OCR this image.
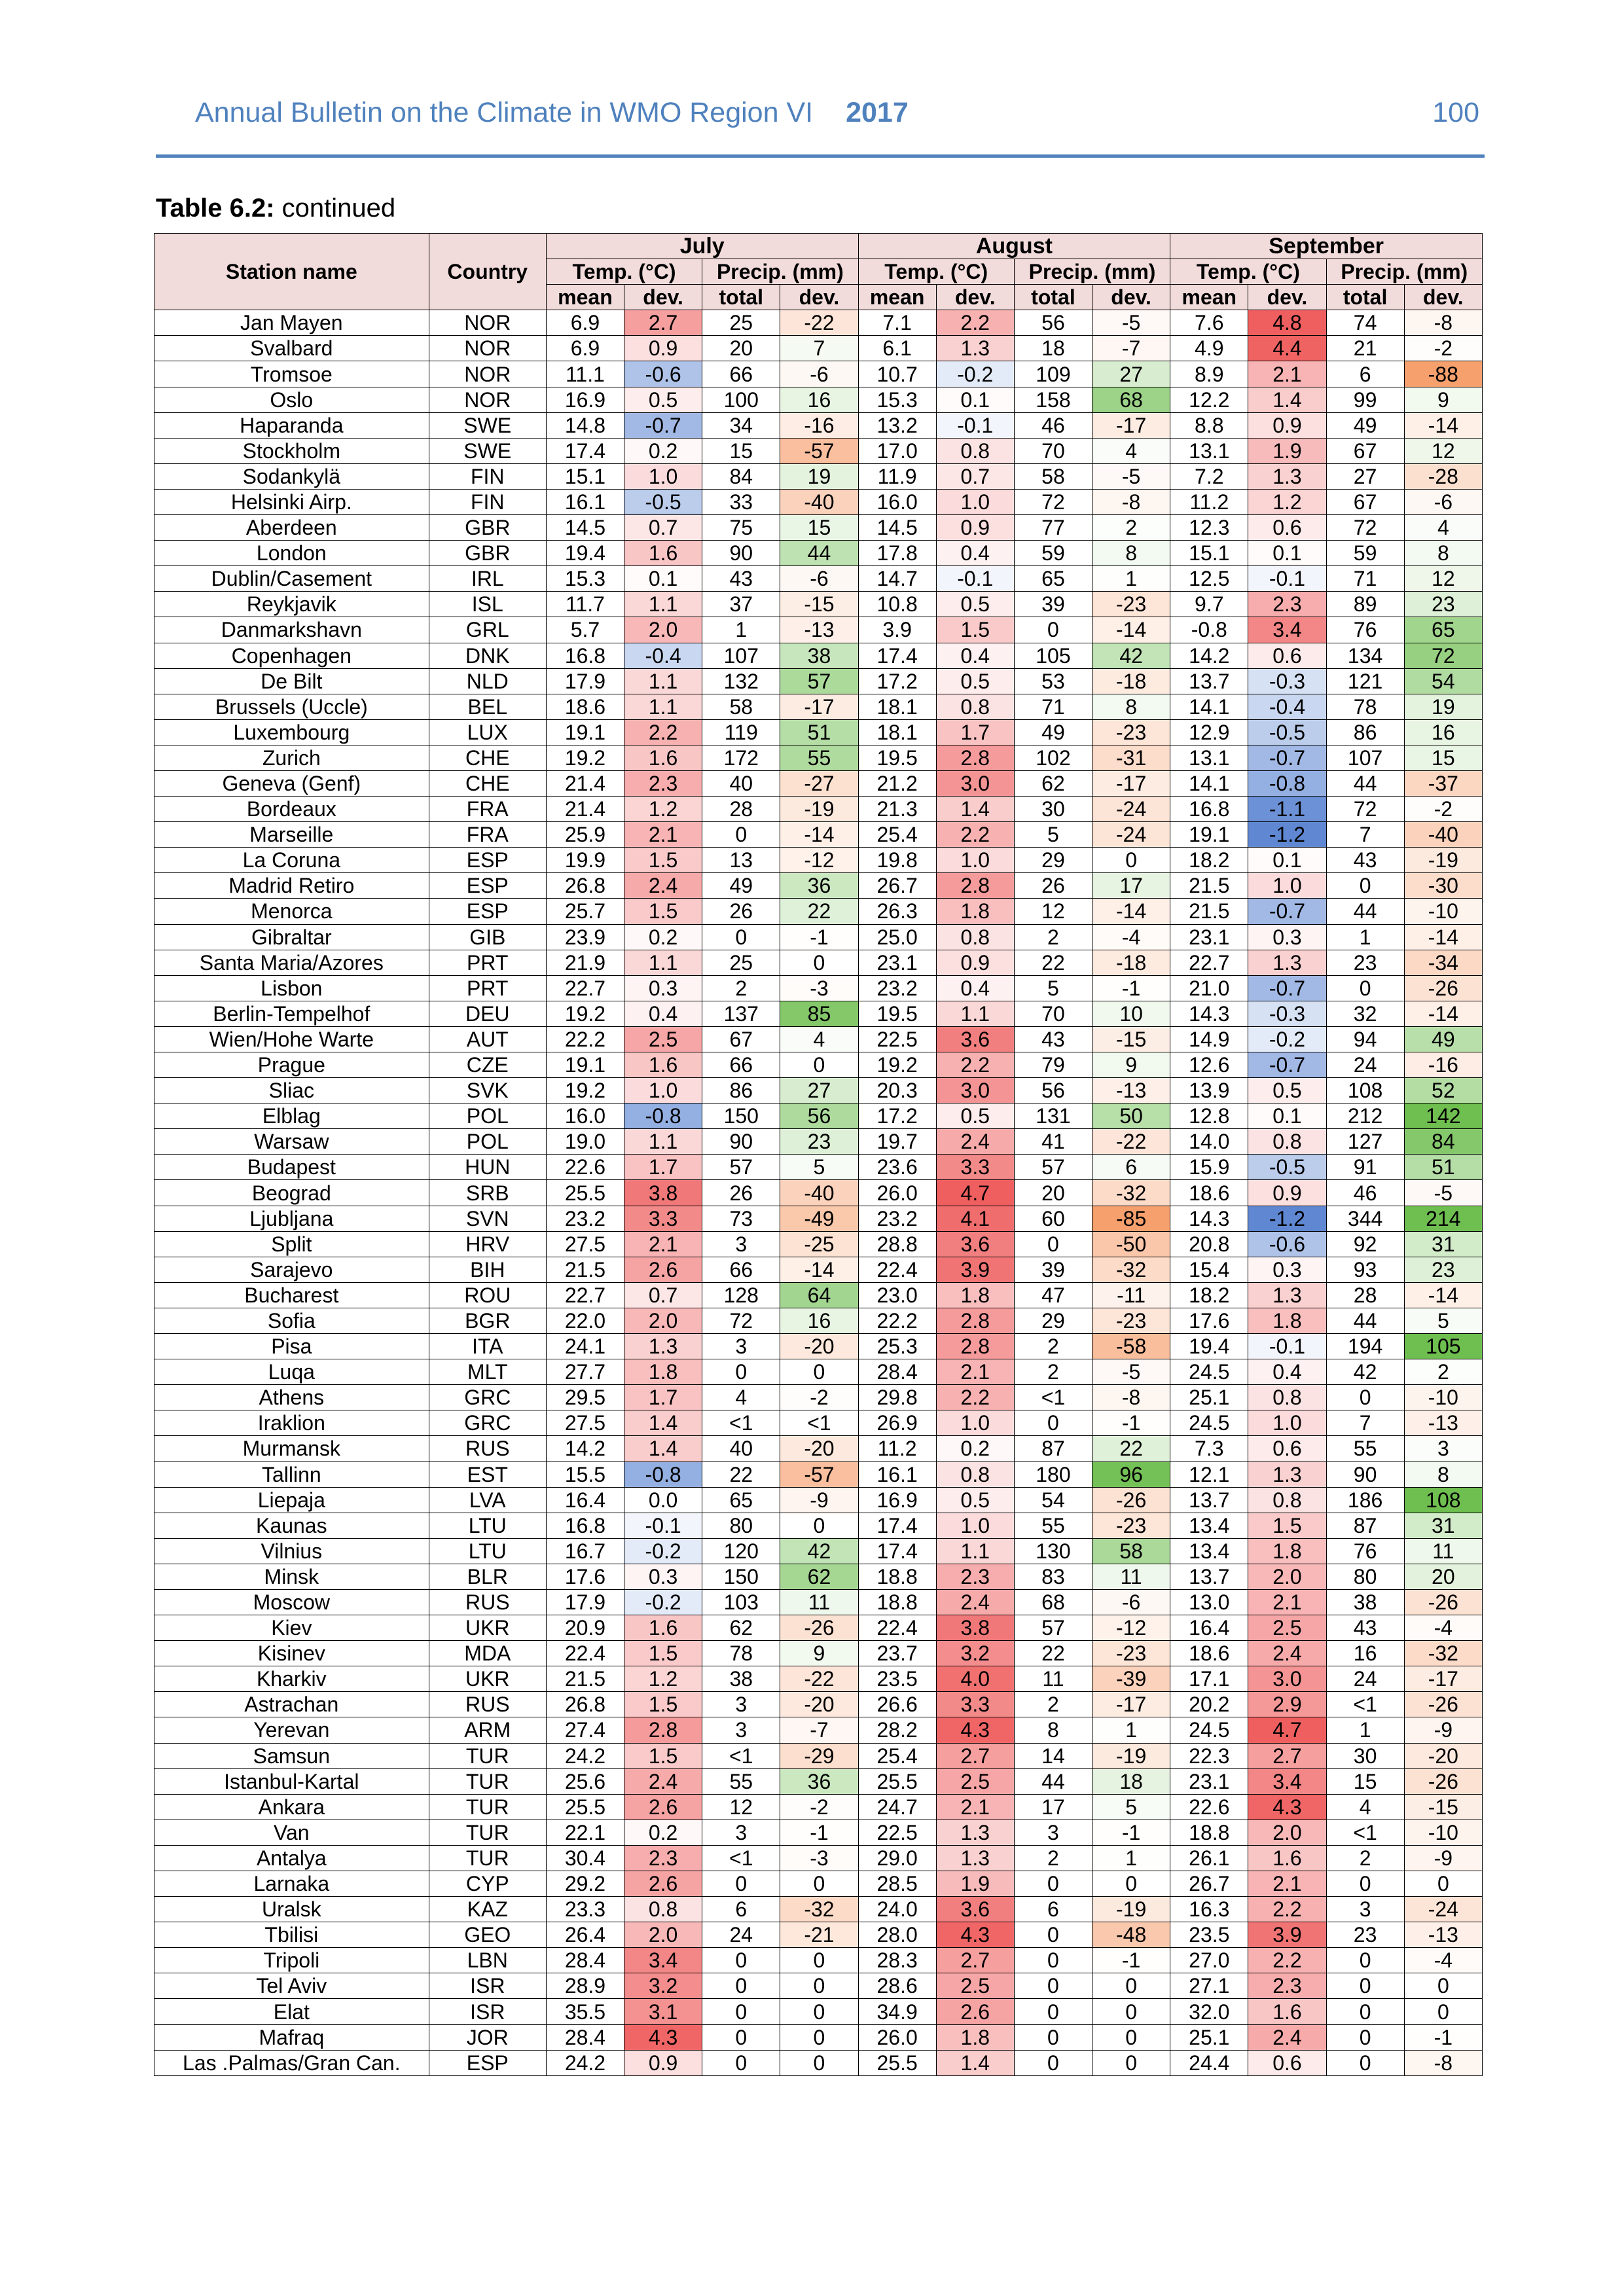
Annual Bulletin on the Climate in WMO Region VI 2017	100
Table 6.2: continued
Station name	Country	July				August				September			
		Temp. (°C)		Precip. (mm)		Temp. (°C)		Precip. (mm)		Temp. (°C)		Precip. (mm)	
		mean	dev.	total	dev.	mean	dev.	total	dev.	mean	dev.	total	dev.
Jan Mayen	NOR	6.9	2.7	25	-22	7.1	2.2	56	-5	7.6	4.8	74	-8
Svalbard	NOR	6.9	0.9	20	7	6.1	1.3	18	-7	4.9	4.4	21	-2
Tromsoe	NOR	11.1	-0.6	66	-6	10.7	-0.2	109	27	8.9	2.1	6	-88
Oslo	NOR	16.9	0.5	100	16	15.3	0.1	158	68	12.2	1.4	99	9
Haparanda	SWE	14.8	-0.7	34	-16	13.2	-0.1	46	-17	8.8	0.9	49	-14
Stockholm	SWE	17.4	0.2	15	-57	17.0	0.8	70	4	13.1	1.9	67	12
Sodankylä	FIN	15.1	1.0	84	19	11.9	0.7	58	-5	7.2	1.3	27	-28
Helsinki Airp.	FIN	16.1	-0.5	33	-40	16.0	1.0	72	-8	11.2	1.2	67	-6
Aberdeen	GBR	14.5	0.7	75	15	14.5	0.9	77	2	12.3	0.6	72	4
London	GBR	19.4	1.6	90	44	17.8	0.4	59	8	15.1	0.1	59	8
Dublin/Casement	IRL	15.3	0.1	43	-6	14.7	-0.1	65	1	12.5	-0.1	71	12
Reykjavik	ISL	11.7	1.1	37	-15	10.8	0.5	39	-23	9.7	2.3	89	23
Danmarkshavn	GRL	5.7	2.0	1	-13	3.9	1.5	0	-14	-0.8	3.4	76	65
Copenhagen	DNK	16.8	-0.4	107	38	17.4	0.4	105	42	14.2	0.6	134	72
De Bilt	NLD	17.9	1.1	132	57	17.2	0.5	53	-18	13.7	-0.3	121	54
Brussels (Uccle)	BEL	18.6	1.1	58	-17	18.1	0.8	71	8	14.1	-0.4	78	19
Luxembourg	LUX	19.1	2.2	119	51	18.1	1.7	49	-23	12.9	-0.5	86	16
Zurich	CHE	19.2	1.6	172	55	19.5	2.8	102	-31	13.1	-0.7	107	15
Geneva (Genf)	CHE	21.4	2.3	40	-27	21.2	3.0	62	-17	14.1	-0.8	44	-37
Bordeaux	FRA	21.4	1.2	28	-19	21.3	1.4	30	-24	16.8	-1.1	72	-2
Marseille	FRA	25.9	2.1	0	-14	25.4	2.2	5	-24	19.1	-1.2	7	-40
La Coruna	ESP	19.9	1.5	13	-12	19.8	1.0	29	0	18.2	0.1	43	-19
Madrid Retiro	ESP	26.8	2.4	49	36	26.7	2.8	26	17	21.5	1.0	0	-30
Menorca	ESP	25.7	1.5	26	22	26.3	1.8	12	-14	21.5	-0.7	44	-10
Gibraltar	GIB	23.9	0.2	0	-1	25.0	0.8	2	-4	23.1	0.3	1	-14
Santa Maria/Azores	PRT	21.9	1.1	25	0	23.1	0.9	22	-18	22.7	1.3	23	-34
Lisbon	PRT	22.7	0.3	2	-3	23.2	0.4	5	-1	21.0	-0.7	0	-26
Berlin-Tempelhof	DEU	19.2	0.4	137	85	19.5	1.1	70	10	14.3	-0.3	32	-14
Wien/Hohe Warte	AUT	22.2	2.5	67	4	22.5	3.6	43	-15	14.9	-0.2	94	49
Prague	CZE	19.1	1.6	66	0	19.2	2.2	79	9	12.6	-0.7	24	-16
Sliac	SVK	19.2	1.0	86	27	20.3	3.0	56	-13	13.9	0.5	108	52
Elblag	POL	16.0	-0.8	150	56	17.2	0.5	131	50	12.8	0.1	212	142
Warsaw	POL	19.0	1.1	90	23	19.7	2.4	41	-22	14.0	0.8	127	84
Budapest	HUN	22.6	1.7	57	5	23.6	3.3	57	6	15.9	-0.5	91	51
Beograd	SRB	25.5	3.8	26	-40	26.0	4.7	20	-32	18.6	0.9	46	-5
Ljubljana	SVN	23.2	3.3	73	-49	23.2	4.1	60	-85	14.3	-1.2	344	214
Split	HRV	27.5	2.1	3	-25	28.8	3.6	0	-50	20.8	-0.6	92	31
Sarajevo	BIH	21.5	2.6	66	-14	22.4	3.9	39	-32	15.4	0.3	93	23
Bucharest	ROU	22.7	0.7	128	64	23.0	1.8	47	-11	18.2	1.3	28	-14
Sofia	BGR	22.0	2.0	72	16	22.2	2.8	29	-23	17.6	1.8	44	5
Pisa	ITA	24.1	1.3	3	-20	25.3	2.8	2	-58	19.4	-0.1	194	105
Luqa	MLT	27.7	1.8	0	0	28.4	2.1	2	-5	24.5	0.4	42	2
Athens	GRC	29.5	1.7	4	-2	29.8	2.2	<1	-8	25.1	0.8	0	-10
Iraklion	GRC	27.5	1.4	<1	<1	26.9	1.0	0	-1	24.5	1.0	7	-13
Murmansk	RUS	14.2	1.4	40	-20	11.2	0.2	87	22	7.3	0.6	55	3
Tallinn	EST	15.5	-0.8	22	-57	16.1	0.8	180	96	12.1	1.3	90	8
Liepaja	LVA	16.4	0.0	65	-9	16.9	0.5	54	-26	13.7	0.8	186	108
Kaunas	LTU	16.8	-0.1	80	0	17.4	1.0	55	-23	13.4	1.5	87	31
Vilnius	LTU	16.7	-0.2	120	42	17.4	1.1	130	58	13.4	1.8	76	11
Minsk	BLR	17.6	0.3	150	62	18.8	2.3	83	11	13.7	2.0	80	20
Moscow	RUS	17.9	-0.2	103	11	18.8	2.4	68	-6	13.0	2.1	38	-26
Kiev	UKR	20.9	1.6	62	-26	22.4	3.8	57	-12	16.4	2.5	43	-4
Kisinev	MDA	22.4	1.5	78	9	23.7	3.2	22	-23	18.6	2.4	16	-32
Kharkiv	UKR	21.5	1.2	38	-22	23.5	4.0	11	-39	17.1	3.0	24	-17
Astrachan	RUS	26.8	1.5	3	-20	26.6	3.3	2	-17	20.2	2.9	<1	-26
Yerevan	ARM	27.4	2.8	3	-7	28.2	4.3	8	1	24.5	4.7	1	-9
Samsun	TUR	24.2	1.5	<1	-29	25.4	2.7	14	-19	22.3	2.7	30	-20
Istanbul-Kartal	TUR	25.6	2.4	55	36	25.5	2.5	44	18	23.1	3.4	15	-26
Ankara	TUR	25.5	2.6	12	-2	24.7	2.1	17	5	22.6	4.3	4	-15
Van	TUR	22.1	0.2	3	-1	22.5	1.3	3	-1	18.8	2.0	<1	-10
Antalya	TUR	30.4	2.3	<1	-3	29.0	1.3	2	1	26.1	1.6	2	-9
Larnaka	CYP	29.2	2.6	0	0	28.5	1.9	0	0	26.7	2.1	0	0
Uralsk	KAZ	23.3	0.8	6	-32	24.0	3.6	6	-19	16.3	2.2	3	-24
Tbilisi	GEO	26.4	2.0	24	-21	28.0	4.3	0	-48	23.5	3.9	23	-13
Tripoli	LBN	28.4	3.4	0	0	28.3	2.7	0	-1	27.0	2.2	0	-4
Tel Aviv	ISR	28.9	3.2	0	0	28.6	2.5	0	0	27.1	2.3	0	0
Elat	ISR	35.5	3.1	0	0	34.9	2.6	0	0	32.0	1.6	0	0
Mafraq	JOR	28.4	4.3	0	0	26.0	1.8	0	0	25.1	2.4	0	-1
Las .Palmas/Gran Can.	ESP	24.2	0.9	0	0	25.5	1.4	0	0	24.4	0.6	0	-8
